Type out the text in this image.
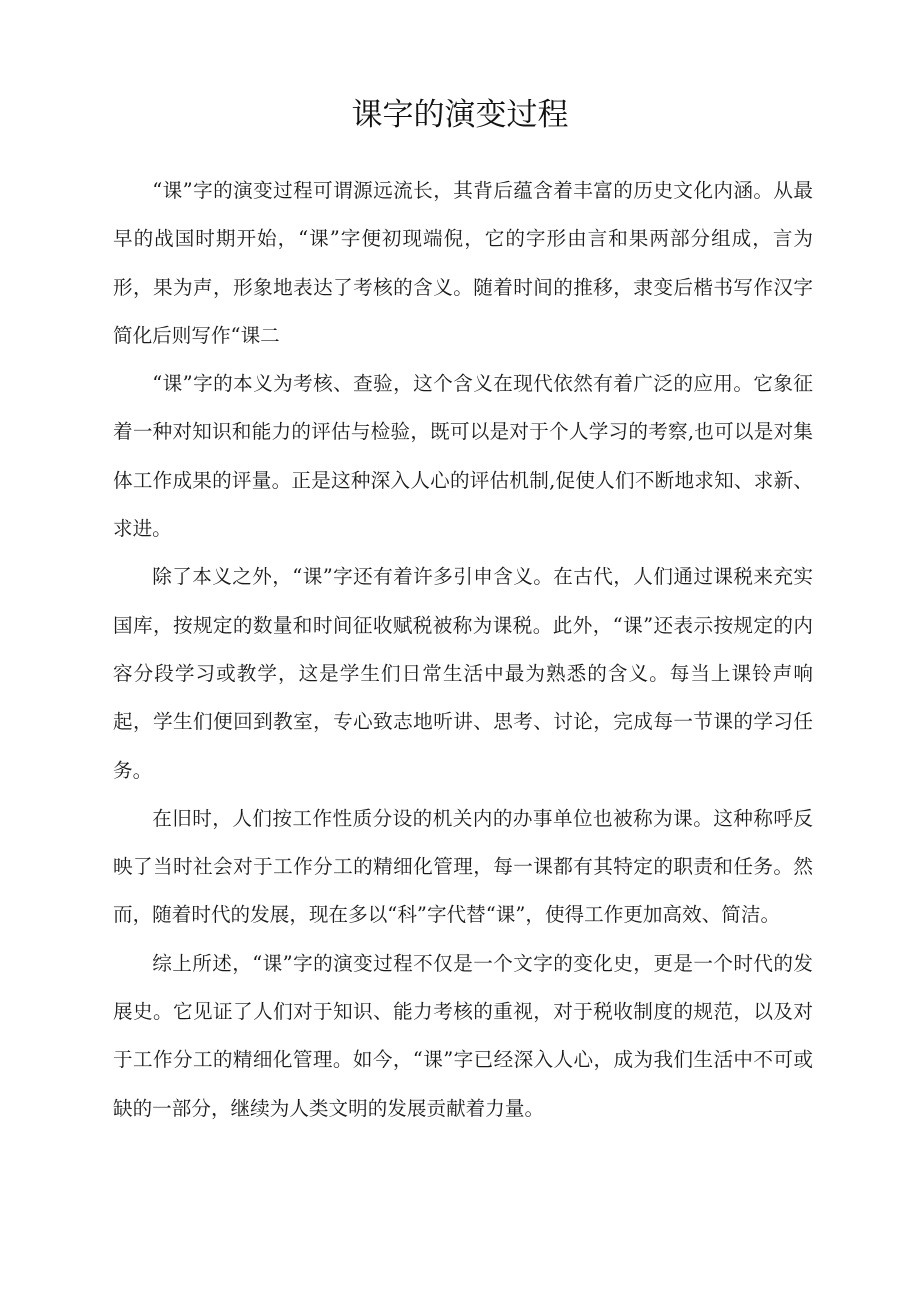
课字的演变过程

“课”字的演变过程可谓源远流长，其背后蕴含着丰富的历史文化内涵。从最早的战国时期开始，“课”字便初现端倪，它的字形由言和果两部分组成，言为形，果为声，形象地表达了考核的含义。随着时间的推移，隶变后楷书写作汉字简化后则写作“课二

“课”字的本义为考核、查验，这个含义在现代依然有着广泛的应用。它象征着一种对知识和能力的评估与检验，既可以是对于个人学习的考察,也可以是对集体工作成果的评量。正是这种深入人心的评估机制,促使人们不断地求知、求新、求进。

除了本义之外，“课”字还有着许多引申含义。在古代，人们通过课税来充实国库，按规定的数量和时间征收赋税被称为课税。此外，“课”还表示按规定的内容分段学习或教学，这是学生们日常生活中最为熟悉的含义。每当上课铃声响起，学生们便回到教室，专心致志地听讲、思考、讨论，完成每一节课的学习任务。

在旧时，人们按工作性质分设的机关内的办事单位也被称为课。这种称呼反映了当时社会对于工作分工的精细化管理，每一课都有其特定的职责和任务。然而，随着时代的发展，现在多以“科”字代替“课”，使得工作更加高效、简洁。

综上所述，“课”字的演变过程不仅是一个文字的变化史，更是一个时代的发展史。它见证了人们对于知识、能力考核的重视，对于税收制度的规范，以及对于工作分工的精细化管理。如今，“课”字已经深入人心，成为我们生活中不可或缺的一部分，继续为人类文明的发展贡献着力量。
